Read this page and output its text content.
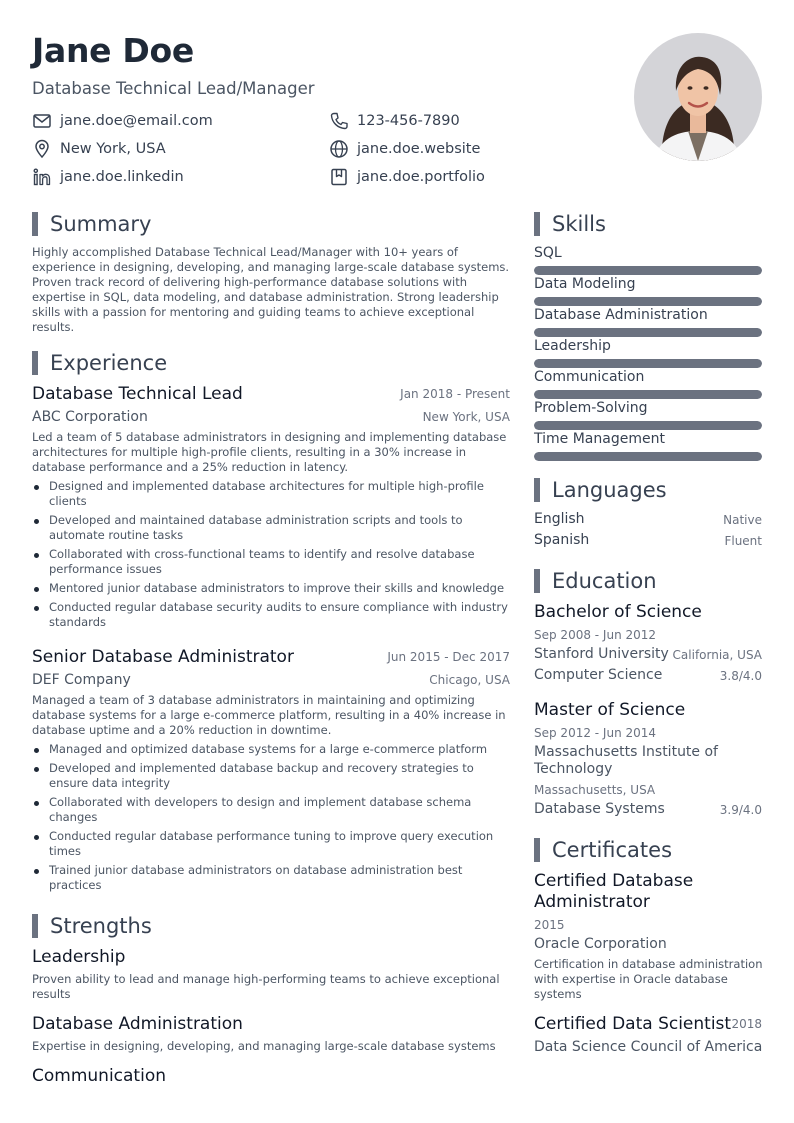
Jane Doe
Database Technical Lead/Manager
jane.doe@email.com	123-456-7890
New York, USA	jane.doe.website
jane.doe.linkedin	jane.doe.portfolio
Summary
Highly accomplished Database Technical Lead/Manager with 10+ years of experience in designing, developing, and managing large-scale database systems. Proven track record of delivering high-performance database solutions with expertise in SQL, data modeling, and database administration. Strong leadership skills with a passion for mentoring and guiding teams to achieve exceptional results.
Experience
Database Technical Lead	Jan 2018 - Present
ABC Corporation	New York, USA
Led a team of 5 database administrators in designing and implementing database architectures for multiple high-profile clients, resulting in a 30% increase in database performance and a 25% reduction in latency.
Designed and implemented database architectures for multiple high-profile clients
Developed and maintained database administration scripts and tools to automate routine tasks
Collaborated with cross-functional teams to identify and resolve database performance issues
Mentored junior database administrators to improve their skills and knowledge
Conducted regular database security audits to ensure compliance with industry standards
Senior Database Administrator	Jun 2015 - Dec 2017
DEF Company	Chicago, USA
Managed a team of 3 database administrators in maintaining and optimizing database systems for a large e-commerce platform, resulting in a 40% increase in database uptime and a 20% reduction in downtime.
Managed and optimized database systems for a large e-commerce platform
Developed and implemented database backup and recovery strategies to ensure data integrity
Collaborated with developers to design and implement database schema changes
Conducted regular database performance tuning to improve query execution times
Trained junior database administrators on database administration best practices
Strengths
Leadership
Proven ability to lead and manage high-performing teams to achieve exceptional results
Database Administration
Expertise in designing, developing, and managing large-scale database systems
Communication
Skills
SQL
Data Modeling
Database Administration
Leadership
Communication
Problem-Solving
Time Management
Languages
English	Native
Spanish	Fluent
Education
Bachelor of Science
Sep 2008 - Jun 2012
Stanford University California, USA
Computer Science	3.8/4.0
Master of Science
Sep 2012 - Jun 2014
Massachusetts Institute of Technology
Massachusetts, USA
Database Systems	3.9/4.0
Certificates
Certified Database Administrator
2015
Oracle Corporation
Certification in database administration with expertise in Oracle database systems
Certified Data Scientist 2018
Data Science Council of America
